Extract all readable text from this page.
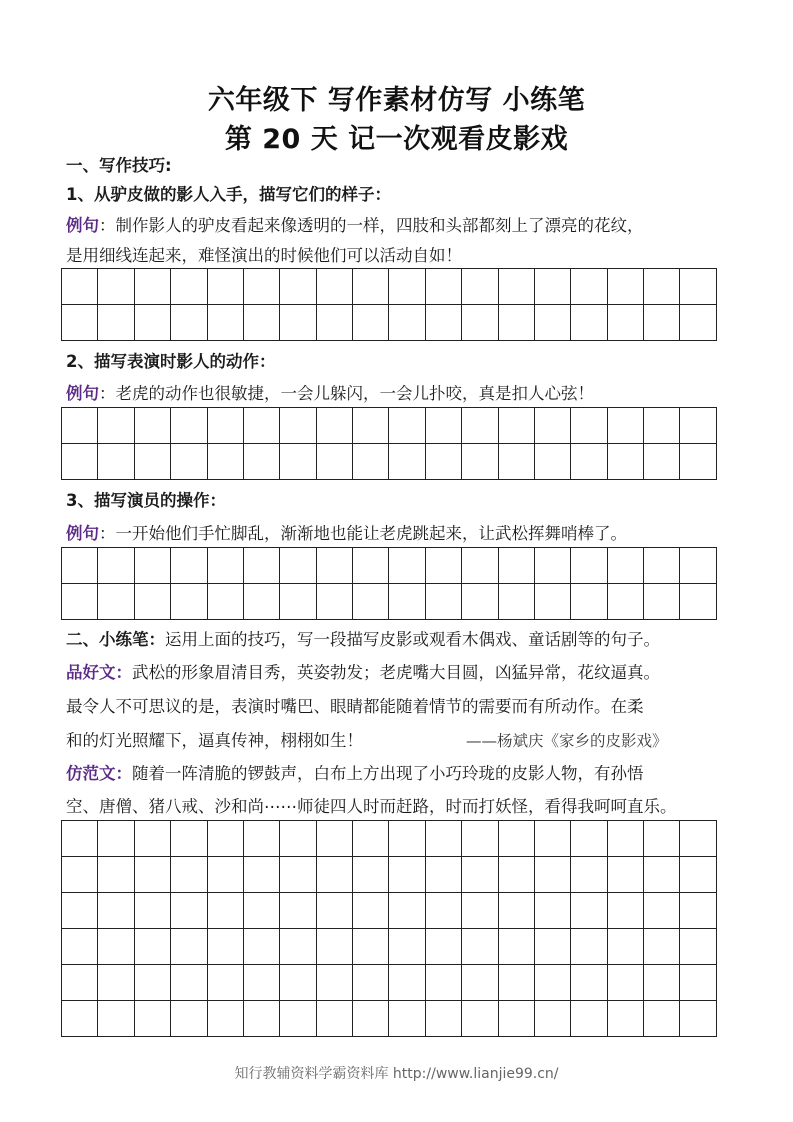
六年级下 写作素材仿写 小练笔
第 20 天 记一次观看皮影戏
一、写作技巧:
1、从驴皮做的影人入手，描写它们的样子：
例句：制作影人的驴皮看起来像透明的一样，四肢和头部都刻上了漂亮的花纹，
是用细线连起来，难怪演出的时候他们可以活动自如！
2、描写表演时影人的动作：
例句：老虎的动作也很敏捷，一会儿躲闪，一会儿扑咬，真是扣人心弦！
3、描写演员的操作：
例句：一开始他们手忙脚乱，渐渐地也能让老虎跳起来，让武松挥舞哨棒了。
二、小练笔：运用上面的技巧，写一段描写皮影或观看木偶戏、童话剧等的句子。
品好文：武松的形象眉清目秀，英姿勃发；老虎嘴大目圆，凶猛异常，花纹逼真。
最令人不可思议的是，表演时嘴巴、眼睛都能随着情节的需要而有所动作。在柔
和的灯光照耀下，逼真传神，栩栩如生！	——杨斌庆《家乡的皮影戏》
仿范文：随着一阵清脆的锣鼓声，白布上方出现了小巧玲珑的皮影人物，有孙悟
空、唐僧、猪八戒、沙和尚⋯⋯师徒四人时而赶路，时而打妖怪，看得我呵呵直乐。
知行教辅资料学霸资料库 http://www.lianjie99.cn/
